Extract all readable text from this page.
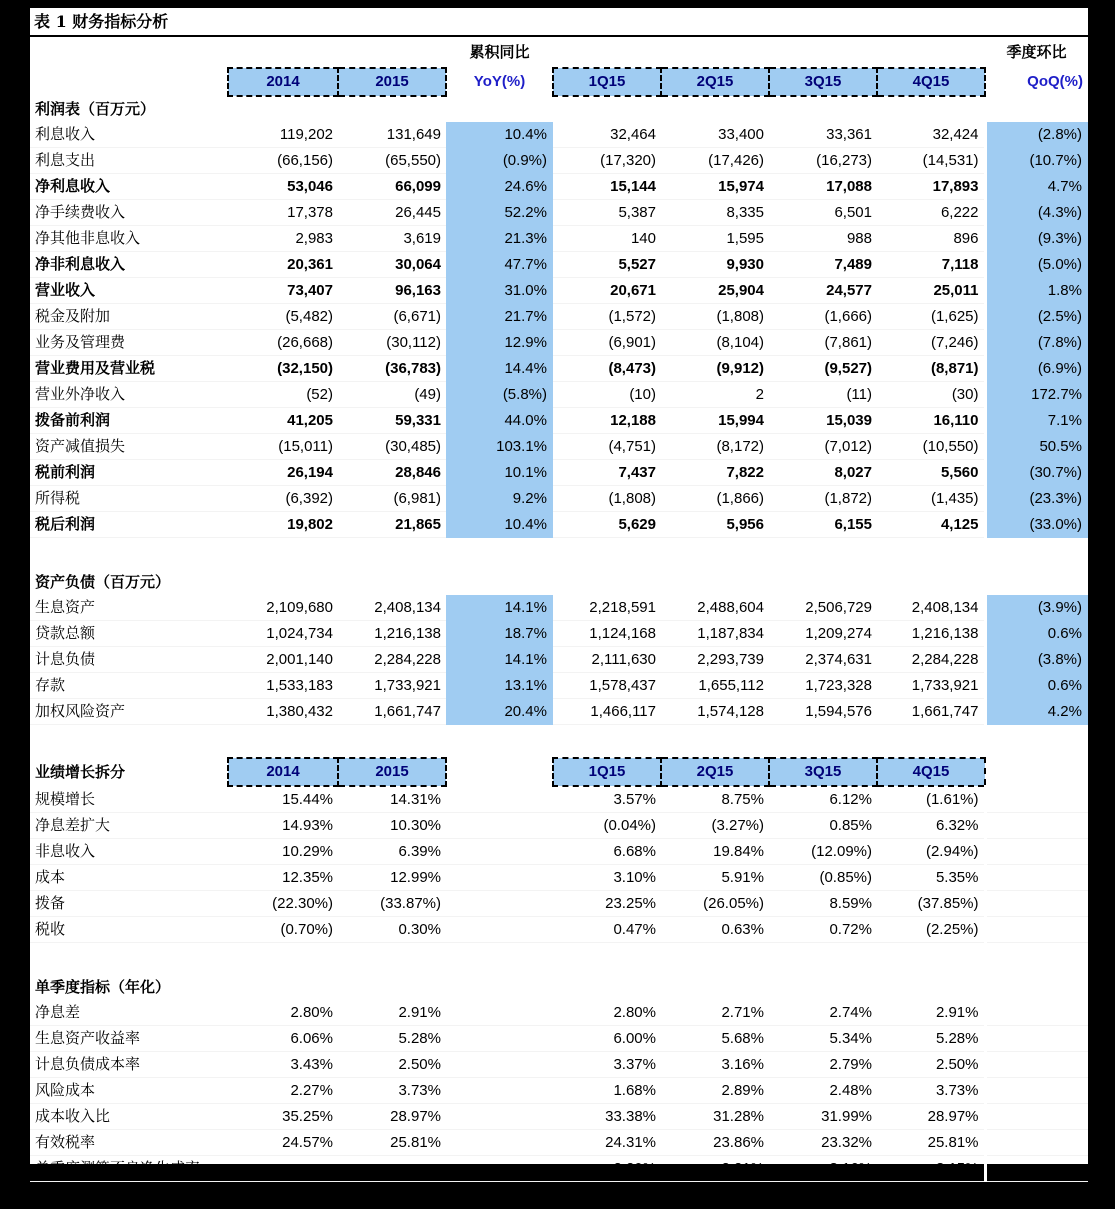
表 1 财务指标分析
			累积同比					季度环比
	2014	2015	YoY(%)	1Q15	2Q15	3Q15	4Q15	QoQ(%)
利润表（百万元）								
利息收入	119,202	131,649	10.4%	32,464	33,400	33,361	32,424	(2.8%)
利息支出	(66,156)	(65,550)	(0.9%)	(17,320)	(17,426)	(16,273)	(14,531)	(10.7%)
净利息收入	53,046	66,099	24.6%	15,144	15,974	17,088	17,893	4.7%
净手续费收入	17,378	26,445	52.2%	5,387	8,335	6,501	6,222	(4.3%)
净其他非息收入	2,983	3,619	21.3%	140	1,595	988	896	(9.3%)
净非利息收入	20,361	30,064	47.7%	5,527	9,930	7,489	7,118	(5.0%)
营业收入	73,407	96,163	31.0%	20,671	25,904	24,577	25,011	1.8%
税金及附加	(5,482)	(6,671)	21.7%	(1,572)	(1,808)	(1,666)	(1,625)	(2.5%)
业务及管理费	(26,668)	(30,112)	12.9%	(6,901)	(8,104)	(7,861)	(7,246)	(7.8%)
营业费用及营业税	(32,150)	(36,783)	14.4%	(8,473)	(9,912)	(9,527)	(8,871)	(6.9%)
营业外净收入	(52)	(49)	(5.8%)	(10)	2	(11)	(30)	172.7%
拨备前利润	41,205	59,331	44.0%	12,188	15,994	15,039	16,110	7.1%
资产减值损失	(15,011)	(30,485)	103.1%	(4,751)	(8,172)	(7,012)	(10,550)	50.5%
税前利润	26,194	28,846	10.1%	7,437	7,822	8,027	5,560	(30.7%)
所得税	(6,392)	(6,981)	9.2%	(1,808)	(1,866)	(1,872)	(1,435)	(23.3%)
税后利润	19,802	21,865	10.4%	5,629	5,956	6,155	4,125	(33.0%)

资产负债（百万元）								
生息资产	2,109,680	2,408,134	14.1%	2,218,591	2,488,604	2,506,729	2,408,134	(3.9%)
贷款总额	1,024,734	1,216,138	18.7%	1,124,168	1,187,834	1,209,274	1,216,138	0.6%
计息负债	2,001,140	2,284,228	14.1%	2,111,630	2,293,739	2,374,631	2,284,228	(3.8%)
存款	1,533,183	1,733,921	13.1%	1,578,437	1,655,112	1,723,328	1,733,921	0.6%
加权风险资产	1,380,432	1,661,747	20.4%	1,466,117	1,574,128	1,594,576	1,661,747	4.2%

业绩增长拆分	2014	2015		1Q15	2Q15	3Q15	4Q15	
规模增长	15.44%	14.31%		3.57%	8.75%	6.12%	(1.61%)	
净息差扩大	14.93%	10.30%		(0.04%)	(3.27%)	0.85%	6.32%	
非息收入	10.29%	6.39%		6.68%	19.84%	(12.09%)	(2.94%)	
成本	12.35%	12.99%		3.10%	5.91%	(0.85%)	5.35%	
拨备	(22.30%)	(33.87%)		23.25%	(26.05%)	8.59%	(37.85%)	
税收	(0.70%)	0.30%		0.47%	0.63%	0.72%	(2.25%)	

单季度指标（年化）								
净息差	2.80%	2.91%		2.80%	2.71%	2.74%	2.91%	
生息资产收益率	6.06%	5.28%		6.00%	5.68%	5.34%	5.28%	
计息负债成本率	3.43%	2.50%		3.37%	3.16%	2.79%	2.50%	
风险成本	2.27%	3.73%		1.68%	2.89%	2.48%	3.73%	
成本收入比	35.25%	28.97%		33.38%	31.28%	31.99%	28.97%	
有效税率	24.57%	25.81%		24.31%	23.86%	23.32%	25.81%	
单季度测算不良净生成率				2.20%	2.21%	3.16%	3.15%	
资料来源：公司年报、中报和季报（2014-2015），海通证券研究所
